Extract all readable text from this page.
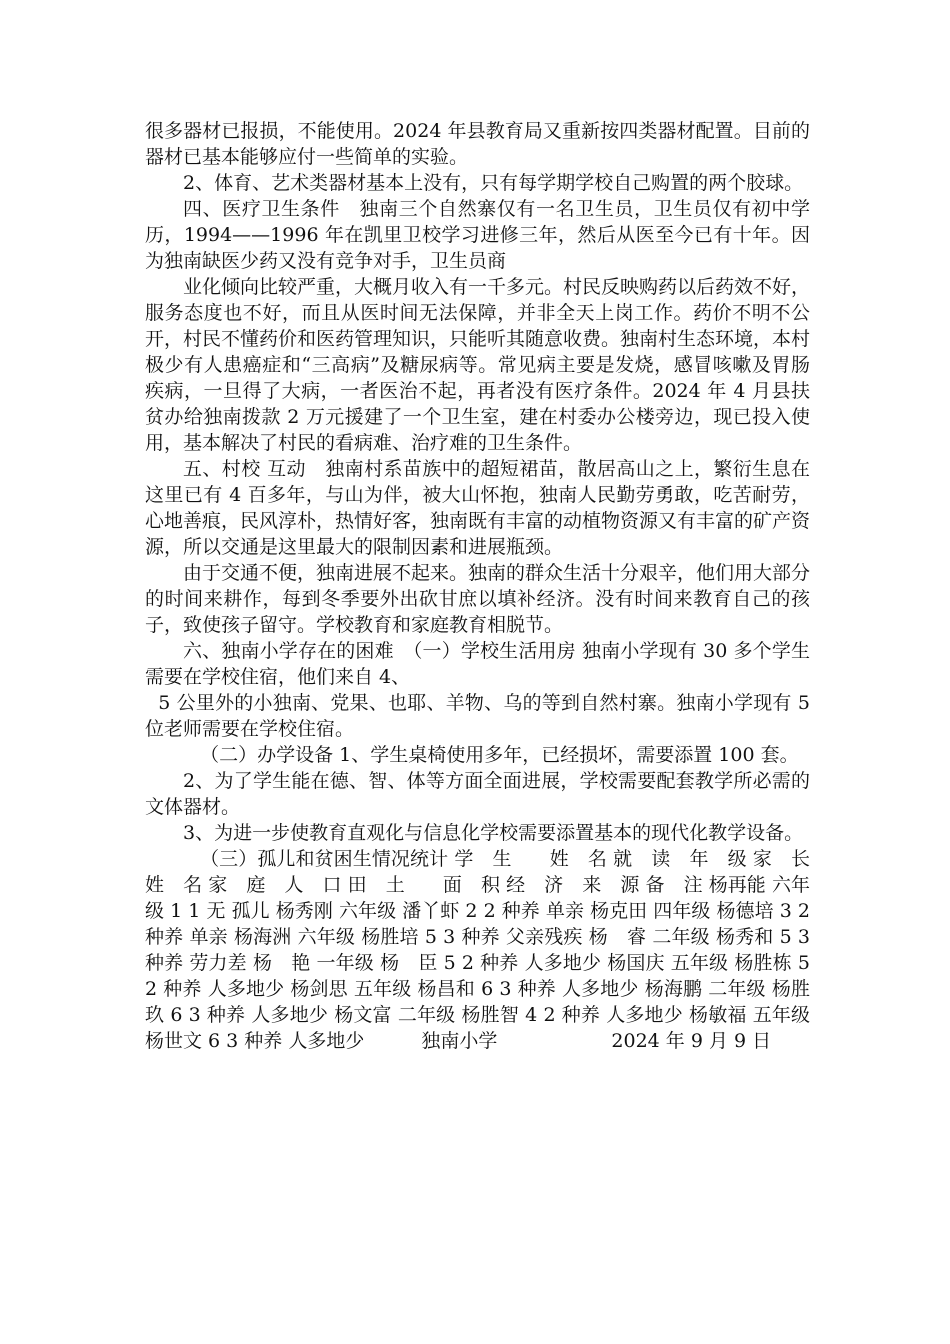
很多器材已报损，不能使用。2024 年县教育局又重新按四类器材配置。目前的器材已基本能够应付一些简单的实验。

2、体育、艺术类器材基本上没有，只有每学期学校自己购置的两个胶球。

四、医疗卫生条件　独南三个自然寨仅有一名卫生员，卫生员仅有初中学历，1994——1996 年在凯里卫校学习进修三年，然后从医至今已有十年。因为独南缺医少药又没有竞争对手，卫生员商

业化倾向比较严重，大概月收入有一千多元。村民反映购药以后药效不好，服务态度也不好，而且从医时间无法保障，并非全天上岗工作。药价不明不公开，村民不懂药价和医药管理知识，只能听其随意收费。独南村生态环境，本村极少有人患癌症和“三高病”及糖尿病等。常见病主要是发烧，感冒咳嗽及胃肠疾病，一旦得了大病，一者医治不起，再者没有医疗条件。2024 年 4 月县扶贫办给独南拨款 2 万元援建了一个卫生室，建在村委办公楼旁边，现已投入使用，基本解决了村民的看病难、治疗难的卫生条件。

五、村校 互动　独南村系苗族中的超短裙苗，散居高山之上，繁衍生息在这里已有 4 百多年，与山为伴，被大山怀抱，独南人民勤劳勇敢，吃苦耐劳，心地善痕，民风淳朴，热情好客，独南既有丰富的动植物资源又有丰富的矿产资源，所以交通是这里最大的限制因素和进展瓶颈。

由于交通不便，独南进展不起来。独南的群众生活十分艰辛，他们用大部分的时间来耕作，每到冬季要外出砍甘庶以填补经济。没有时间来教育自己的孩子，致使孩子留守。学校教育和家庭教育相脱节。

六、独南小学存在的困难　（一）学校生活用房 独南小学现有 30 多个学生需要在学校住宿，他们来自 4、

5 公里外的小独南、党果、也耶、羊物、乌的等到自然村寨。独南小学现有 5 位老师需要在学校住宿。

（二）办学设备 1、学生桌椅使用多年，已经损坏，需要添置 100 套。

2、为了学生能在德、智、体等方面全面进展，学校需要配套教学所必需的文体器材。

3、为进一步使教育直观化与信息化学校需要添置基本的现代化教学设备。

（三）孤儿和贫困生情况统计 学　生　　姓　名 就　读　年　级 家　长　姓　名 家　庭　人　口 田　土　　面　积 经　济　来　源 备　注 杨再能 六年级 1 1 无 孤儿 杨秀刚 六年级 潘丫虾 2 2 种养 单亲 杨克田 四年级 杨德培 3 2 种养 单亲 杨海洲 六年级 杨胜培 5 3 种养 父亲残疾 杨　睿 二年级 杨秀和 5 3 种养 劳力差 杨　艳 一年级 杨　臣 5 2 种养 人多地少 杨国庆 五年级 杨胜栋 5 2 种养 人多地少 杨剑思 五年级 杨昌和 6 3 种养 人多地少 杨海鹏 二年级 杨胜玖 6 3 种养 人多地少 杨文富 二年级 杨胜智 4 2 种养 人多地少 杨敏福 五年级 杨世文 6 3 种养 人多地少　　　	独南小学　　　　　　	2024 年 9 月 9 日
